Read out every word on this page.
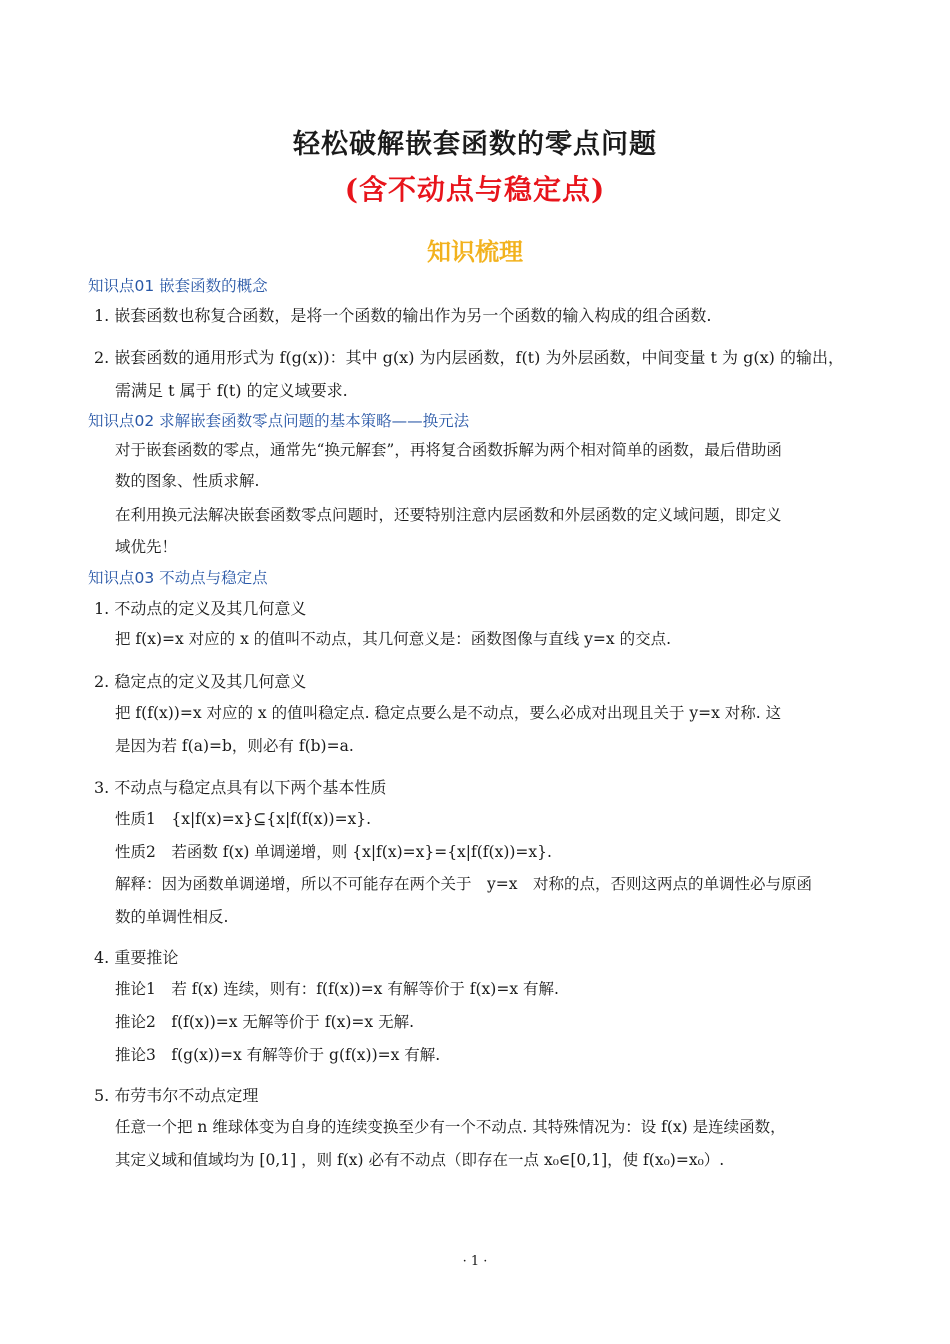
轻松破解嵌套函数的零点问题
(含不动点与稳定点)
知识梳理
知识点01 嵌套函数的概念
1. 嵌套函数也称复合函数，是将一个函数的输出作为另一个函数的输入构成的组合函数.
2. 嵌套函数的通用形式为 f(g(x))：其中 g(x) 为内层函数，f(t) 为外层函数，中间变量 t 为 g(x) 的输出，
需满足 t 属于 f(t) 的定义域要求.
知识点02 求解嵌套函数零点问题的基本策略——换元法
对于嵌套函数的零点，通常先“换元解套”，再将复合函数拆解为两个相对简单的函数，最后借助函
数的图象、性质求解.
在利用换元法解决嵌套函数零点问题时，还要特别注意内层函数和外层函数的定义域问题，即定义
域优先！
知识点03 不动点与稳定点
1. 不动点的定义及其几何意义
把 f(x)=x 对应的 x 的值叫不动点，其几何意义是：函数图像与直线 y=x 的交点.
2. 稳定点的定义及其几何意义
把 f(f(x))=x 对应的 x 的值叫稳定点. 稳定点要么是不动点，要么必成对出现且关于 y=x 对称. 这
是因为若 f(a)=b，则必有 f(b)=a.
3. 不动点与稳定点具有以下两个基本性质
性质1　{x|f(x)=x}⊆{x|f(f(x))=x}.
性质2　若函数 f(x) 单调递增，则 {x|f(x)=x}={x|f(f(x))=x}.
解释：因为函数单调递增，所以不可能存在两个关于　y=x　对称的点，否则这两点的单调性必与原函
数的单调性相反.
4. 重要推论
推论1　若 f(x) 连续，则有：f(f(x))=x 有解等价于 f(x)=x 有解.
推论2　f(f(x))=x 无解等价于 f(x)=x 无解.
推论3　f(g(x))=x 有解等价于 g(f(x))=x 有解.
5. 布劳韦尔不动点定理
任意一个把 n 维球体变为自身的连续变换至少有一个不动点. 其特殊情况为：设 f(x) 是连续函数，
其定义域和值域均为 [0,1] ，则 f(x) 必有不动点（即存在一点 x₀∈[0,1]，使 f(x₀)=x₀）.
· 1 ·
